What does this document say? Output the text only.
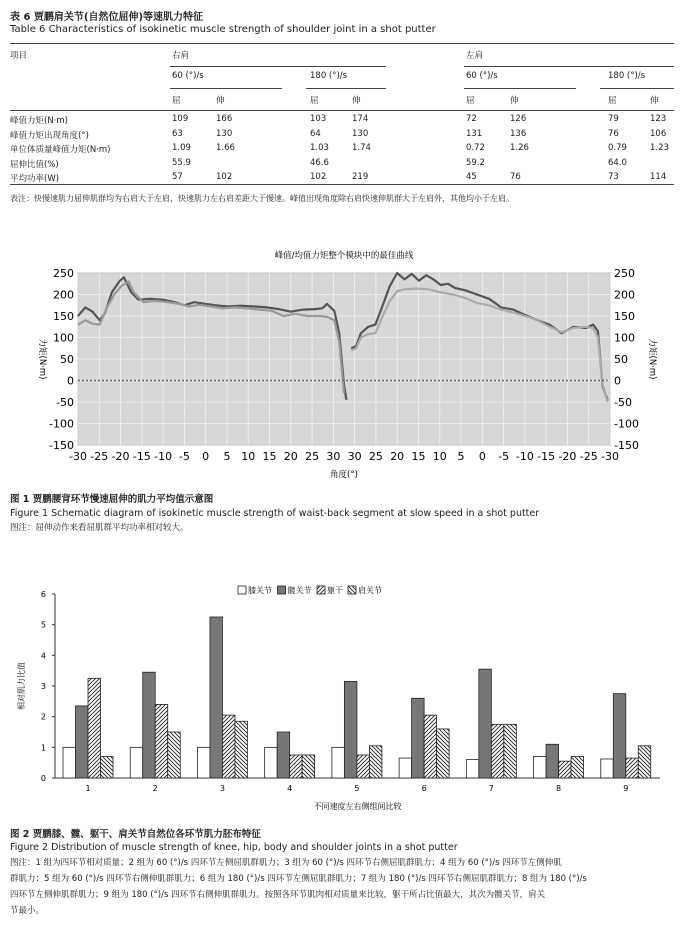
表 6 贾鹏肩关节(自然位屈伸)等速肌力特征
Table 6 Characteristics of isokinetic muscle strength of shoulder joint in a shot putter
项目	右肩	左肩
60 (°)/s	180 (°)/s	60 (°)/s	180 (°)/s
屈	伸	屈	伸	屈	伸	屈	伸
峰值力矩(N·m)	109	166	103	174	72	126	79	123
峰值力矩出现角度(°)	63	130	64	130	131	136	76	106
单位体质量峰值力矩(N·m)	1.09	1.66	1.03	1.74	0.72	1.26	0.79	1.23
屈伸比值(%)	55.9	46.6	59.2	64.0
平均功率(W)	57	102	102	219	45	76	73	114
表注：快慢速肌力屈伸肌群均为右肩大于左肩，快速肌力左右肩差距大于慢速。峰值出现角度除右肩快速伸肌群大于左肩外，其他均小于左肩。
峰值/均值力矩整个模块中的最佳曲线
-150	-150
-100	-100
-50	-50
0	0
50	50
100	100
150	150
200	200
250	250
-30 -25 -20 -15 -10 -5 0 5 10 15 20 25 30 30 25 20 15 10 5 0 -5 -10 -15 -20 -25 -30
角度(°)
力矩(N·m)	力矩(N·m)
图 1 贾鹏腰背环节慢速屈伸的肌力平均值示意图
Figure 1 Schematic diagram of isokinetic muscle strength of waist-back segment at slow speed in a shot putter
图注：屈伸动作来看屈肌群平均功率相对较大。
0
1
2
3
4
5
6
1	2	3	4	5	6	7	8	9
膝关节 髋关节 躯干 肩关节
不同速度左右侧组间比较
相对肌力比值
图 2 贾鹏膝、髋、躯干、肩关节自然位各环节肌力胚布特征
Figure 2 Distribution of muscle strength of knee, hip, body and shoulder joints in a shot putter
图注：1 组为四环节相对质量；2 组为 60 (°)/s 四环节左侧屈肌群肌力；3 组为 60 (°)/s 四环节右侧屈肌群肌力；4 组为 60 (°)/s 四环节左侧伸肌
群肌力；5 组为 60 (°)/s 四环节右侧伸肌群肌力；6 组为 180 (°)/s 四环节左侧屈肌群肌力；7 组为 180 (°)/s 四环节右侧屈肌群肌力；8 组为 180 (°)/s
四环节左侧伸肌群肌力；9 组为 180 (°)/s 四环节右侧伸肌群肌力。按照各环节肌肉相对质量来比较，躯干所占比值最大，其次为髋关节，肩关
节最小。
